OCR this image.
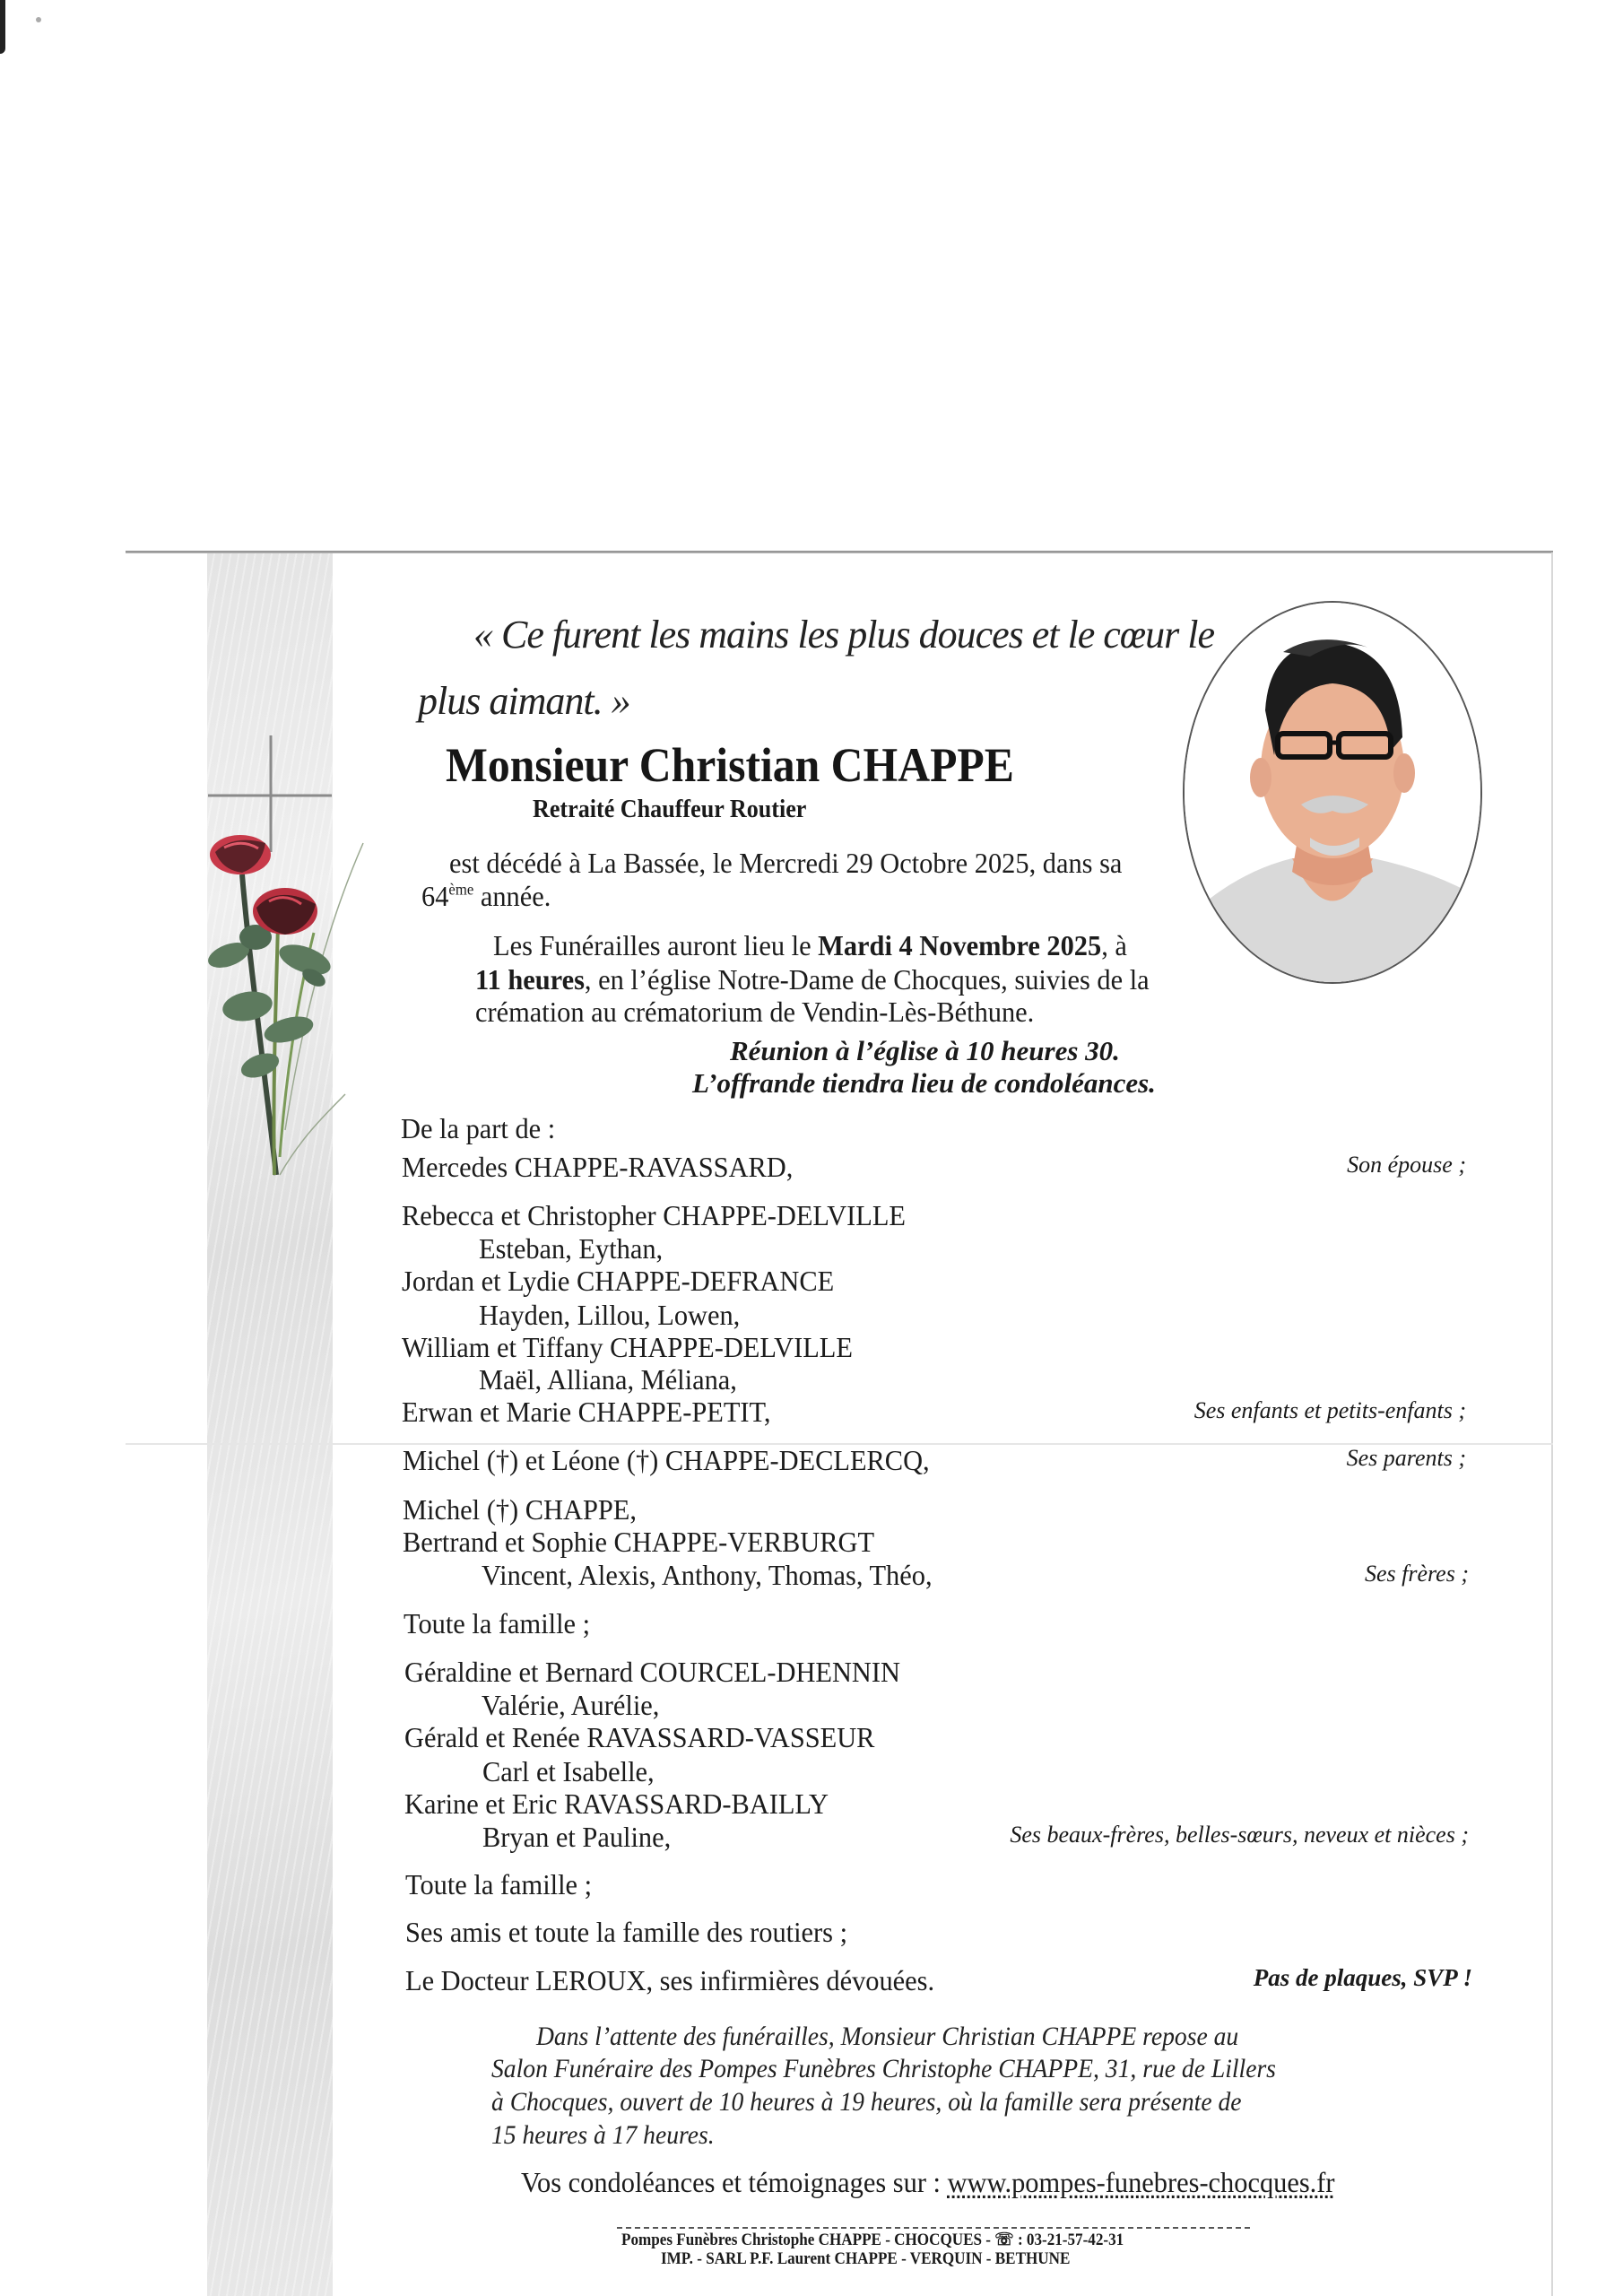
« Ce furent les mains les plus douces et le cœur le
plus aimant. »
Monsieur Christian CHAPPE
Retraité Chauffeur Routier
est décédé à La Bassée, le Mercredi 29 Octobre 2025, dans sa
64ème année.
Les Funérailles auront lieu le Mardi 4 Novembre 2025, à
11 heures, en l’église Notre-Dame de Chocques, suivies de la
crémation au crématorium de Vendin-Lès-Béthune.
Réunion à l’église à 10 heures 30.
L’offrande tiendra lieu de condoléances.
De la part de :
Mercedes CHAPPE-RAVASSARD,
Rebecca et Christopher CHAPPE-DELVILLE
Esteban, Eythan,
Jordan et Lydie CHAPPE-DEFRANCE
Hayden, Lillou, Lowen,
William et Tiffany CHAPPE-DELVILLE
Maël, Alliana, Méliana,
Erwan et Marie CHAPPE-PETIT,
Michel (†) et Léone (†) CHAPPE-DECLERCQ,
Michel (†) CHAPPE,
Bertrand et Sophie CHAPPE-VERBURGT
Vincent, Alexis, Anthony, Thomas, Théo,
Toute la famille ;
Géraldine et Bernard COURCEL-DHENNIN
Valérie, Aurélie,
Gérald et Renée RAVASSARD-VASSEUR
Carl et Isabelle,
Karine et Eric RAVASSARD-BAILLY
Bryan et Pauline,
Toute la famille ;
Ses amis et toute la famille des routiers ;
Le Docteur LEROUX, ses infirmières dévouées.
Son épouse ;
Ses enfants et petits-enfants ;
Ses parents ;
Ses frères ;
Ses beaux-frères, belles-sœurs, neveux et nièces ;
Pas de plaques, SVP !
Dans l’attente des funérailles, Monsieur Christian CHAPPE repose au
Salon Funéraire des Pompes Funèbres Christophe CHAPPE, 31, rue de Lillers
à Chocques, ouvert de 10 heures à 19 heures, où la famille sera présente de
15 heures à 17 heures.
Vos condoléances et témoignages sur : www.pompes-funebres-chocques.fr
Pompes Funèbres Christophe CHAPPE - CHOCQUES - ☏ : 03-21-57-42-31
IMP. - SARL P.F. Laurent CHAPPE - VERQUIN - BETHUNE
